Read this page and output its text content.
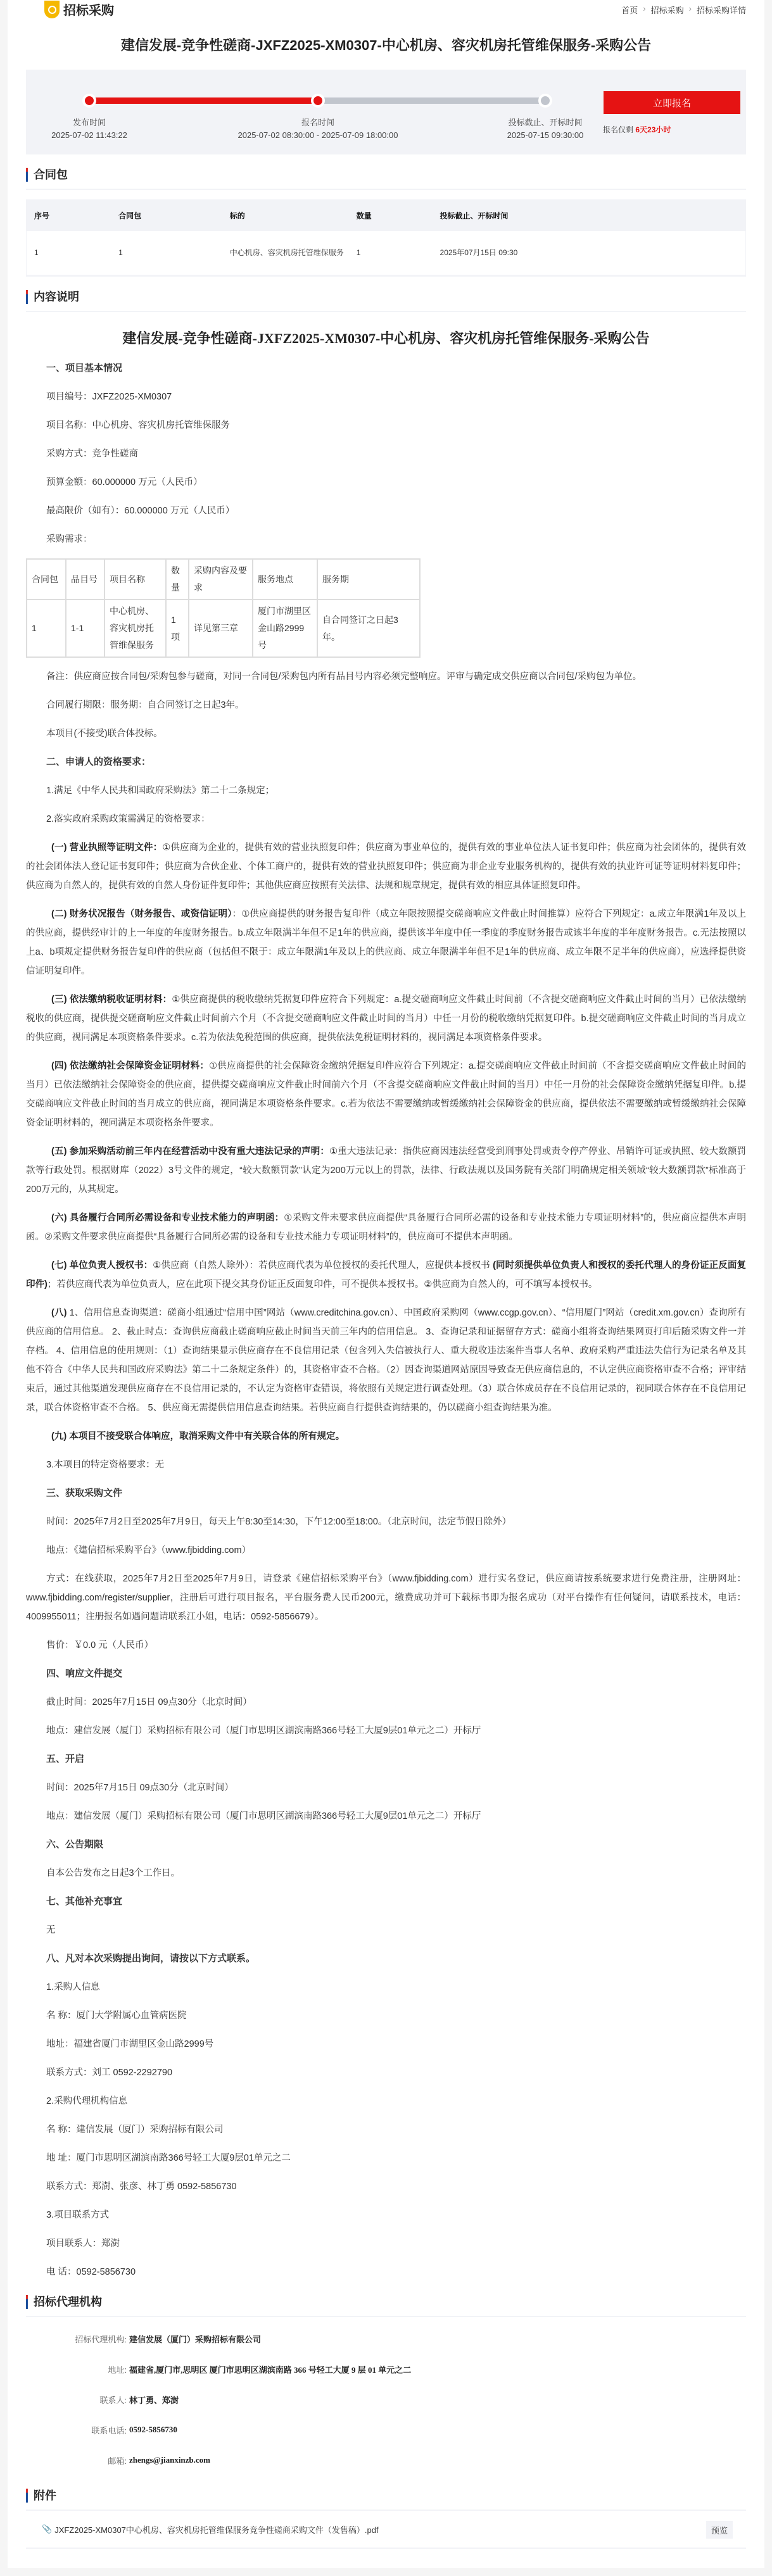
招标采购	首页 › 招标采购 › 招标采购详情
建信发展-竞争性磋商-JXFZ2025-XM0307-中心机房、容灾机房托管维保服务-采购公告
发布时间
2025-07-02 11:43:22
报名时间
2025-07-02 08:30:00 - 2025-07-09 18:00:00
投标截止、开标时间
2025-07-15 09:30:00
立即报名
报名仅剩 6天23小时
合同包
序号	合同包	标的	数量	投标截止、开标时间
1	1	中心机房、容灾机房托管维保服务	1	2025年07月15日 09:30
内容说明
建信发展-竞争性磋商-JXFZ2025-XM0307-中心机房、容灾机房托管维保服务-采购公告

一、项目基本情况

项目编号：JXFZ2025-XM0307

项目名称：中心机房、容灾机房托管维保服务

采购方式：竞争性磋商

预算金额：60.000000 万元（人民币）

最高限价（如有）：60.000000 万元（人民币）

采购需求：

合同包	品目号	项目名称	数量	采购内容及要求	服务地点	服务期
1	1-1	中心机房、容灾机房托管维保服务	1项	详见第三章	厦门市湖里区金山路2999号	自合同签订之日起3年。

备注：供应商应按合同包/采购包参与磋商，对同一合同包/采购包内所有品目号内容必须完整响应。评审与确定成交供应商以合同包/采购包为单位。

合同履行期限：服务期：自合同签订之日起3年。

本项目(不接受)联合体投标。

二、申请人的资格要求：

1.满足《中华人民共和国政府采购法》第二十二条规定；

2.落实政府采购政策需满足的资格要求：

(一) 营业执照等证明文件：①供应商为企业的，提供有效的营业执照复印件；供应商为事业单位的，提供有效的事业单位法人证书复印件；供应商为社会团体的，提供有效的社会团体法人登记证书复印件；供应商为合伙企业、个体工商户的，提供有效的营业执照复印件；供应商为非企业专业服务机构的，提供有效的执业许可证等证明材料复印件；供应商为自然人的，提供有效的自然人身份证件复印件；其他供应商应按照有关法律、法规和规章规定，提供有效的相应具体证照复印件。

(二) 财务状况报告（财务报告、或资信证明）：①供应商提供的财务报告复印件（成立年限按照提交磋商响应文件截止时间推算）应符合下列规定：a.成立年限满1年及以上的供应商，提供经审计的上一年度的年度财务报告。b.成立年限满半年但不足1年的供应商，提供该半年度中任一季度的季度财务报告或该半年度的半年度财务报告。c.无法按照以上a、b项规定提供财务报告复印件的供应商（包括但不限于：成立年限满1年及以上的供应商、成立年限满半年但不足1年的供应商、成立年限不足半年的供应商），应选择提供资信证明复印件。

(三) 依法缴纳税收证明材料：①供应商提供的税收缴纳凭据复印件应符合下列规定：a.提交磋商响应文件截止时间前（不含提交磋商响应文件截止时间的当月）已依法缴纳税收的供应商，提供提交磋商响应文件截止时间前六个月（不含提交磋商响应文件截止时间的当月）中任一月份的税收缴纳凭据复印件。b.提交磋商响应文件截止时间的当月成立的供应商，视同满足本项资格条件要求。c.若为依法免税范围的供应商，提供依法免税证明材料的，视同满足本项资格条件要求。

(四) 依法缴纳社会保障资金证明材料：①供应商提供的社会保障资金缴纳凭据复印件应符合下列规定：a.提交磋商响应文件截止时间前（不含提交磋商响应文件截止时间的当月）已依法缴纳社会保障资金的供应商，提供提交磋商响应文件截止时间前六个月（不含提交磋商响应文件截止时间的当月）中任一月份的社会保障资金缴纳凭据复印件。b.提交磋商响应文件截止时间的当月成立的供应商，视同满足本项资格条件要求。c.若为依法不需要缴纳或暂缓缴纳社会保障资金的供应商，提供依法不需要缴纳或暂缓缴纳社会保障资金证明材料的，视同满足本项资格条件要求。

(五) 参加采购活动前三年内在经营活动中没有重大违法记录的声明：①重大违法记录：指供应商因违法经营受到刑事处罚或责令停产停业、吊销许可证或执照、较大数额罚款等行政处罚。根据财库（2022）3号文件的规定，“较大数额罚款”认定为200万元以上的罚款，法律、行政法规以及国务院有关部门明确规定相关领域“较大数额罚款”标准高于200万元的，从其规定。

(六) 具备履行合同所必需设备和专业技术能力的声明函：①采购文件未要求供应商提供“具备履行合同所必需的设备和专业技术能力专项证明材料”的，供应商应提供本声明函。②采购文件要求供应商提供“具备履行合同所必需的设备和专业技术能力专项证明材料”的，供应商可不提供本声明函。

(七) 单位负责人授权书：①供应商（自然人除外）：若供应商代表为单位授权的委托代理人，应提供本授权书 (同时须提供单位负责人和授权的委托代理人的身份证正反面复印件)；若供应商代表为单位负责人，应在此项下提交其身份证正反面复印件，可不提供本授权书。②供应商为自然人的，可不填写本授权书。

(八) 1、信用信息查询渠道：磋商小组通过“信用中国”网站（www.creditchina.gov.cn）、中国政府采购网（www.ccgp.gov.cn）、“信用厦门”网站（credit.xm.gov.cn）查询所有供应商的信用信息。 2、截止时点：查询供应商截止磋商响应截止时间当天前三年内的信用信息。 3、查询记录和证据留存方式：磋商小组将查询结果网页打印后随采购文件一并存档。 4、信用信息的使用规则：（1）查询结果显示供应商存在不良信用记录（包含列入失信被执行人、重大税收违法案件当事人名单、政府采购严重违法失信行为记录名单及其他不符合《中华人民共和国政府采购法》第二十二条规定条件）的，其资格审查不合格。（2）因查询渠道网站原因导致查无供应商信息的，不认定供应商资格审查不合格；评审结束后，通过其他渠道发现供应商存在不良信用记录的，不认定为资格审查错误，将依照有关规定进行调查处理。（3）联合体成员存在不良信用记录的，视同联合体存在不良信用记录，联合体资格审查不合格。 5、供应商无需提供信用信息查询结果。若供应商自行提供查询结果的，仍以磋商小组查询结果为准。

(九) 本项目不接受联合体响应，取消采购文件中有关联合体的所有规定。

3.本项目的特定资格要求：无

三、获取采购文件

时间：2025年7月2日至2025年7月9日，每天上午8:30至14:30，下午12:00至18:00。（北京时间，法定节假日除外）

地点：《建信招标采购平台》（www.fjbidding.com）

方式：在线获取，2025年7月2日至2025年7月9日，请登录《建信招标采购平台》（www.fjbidding.com）进行实名登记，供应商请按系统要求进行免费注册，注册网址：www.fjbidding.com/register/supplier，注册后可进行项目报名，平台服务费人民币200元，缴费成功并可下载标书即为报名成功（对平台操作有任何疑问，请联系技术，电话：4009955011；注册报名如遇问题请联系江小姐，电话：0592-5856679）。

售价：￥0.0 元（人民币）

四、响应文件提交

截止时间：2025年7月15日 09点30分（北京时间）

地点：建信发展（厦门）采购招标有限公司（厦门市思明区湖滨南路366号轻工大厦9层01单元之二）开标厅

五、开启

时间：2025年7月15日 09点30分（北京时间）

地点：建信发展（厦门）采购招标有限公司（厦门市思明区湖滨南路366号轻工大厦9层01单元之二）开标厅

六、公告期限

自本公告发布之日起3个工作日。

七、其他补充事宜

无

八、凡对本次采购提出询问，请按以下方式联系。

1.采购人信息

名 称：厦门大学附属心血管病医院

地址：福建省厦门市湖里区金山路2999号

联系方式：刘工 0592-2292790

2.采购代理机构信息

名 称：建信发展（厦门）采购招标有限公司

地 址：厦门市思明区湖滨南路366号轻工大厦9层01单元之二

联系方式：郑澍、张彦、林丁勇 0592-5856730

3.项目联系方式

项目联系人：郑澍

电 话：0592-5856730

招标代理机构
招标代理机构: 建信发展（厦门）采购招标有限公司
地址: 福建省,厦门市,思明区 厦门市思明区湖滨南路 366 号轻工大厦 9 层 01 单元之二
联系人: 林丁勇、郑澍
联系电话: 0592-5856730
邮箱: zhengs@jianxinzb.com
附件
📎 JXFZ2025-XM0307中心机房、容灾机房托管维保服务竞争性磋商采购文件（发售稿）.pdf	预览
